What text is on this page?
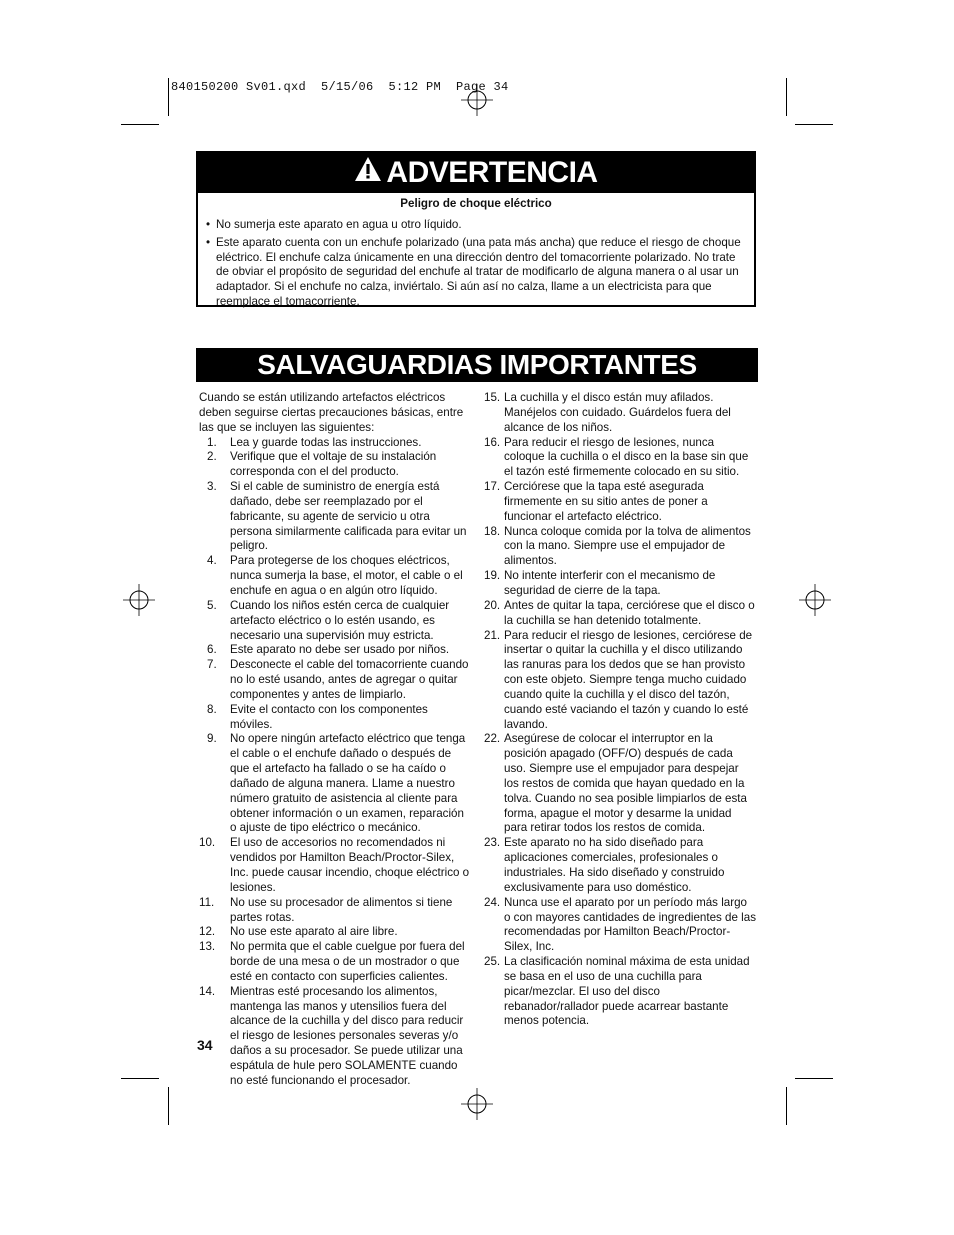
840150200 Sv01.qxd  5/15/06  5:12 PM  Page 34
ADVERTENCIA
Peligro de choque eléctrico
• No sumerja este aparato en agua u otro líquido.
• Este aparato cuenta con un enchufe polarizado (una pata más ancha) que reduce el riesgo de choque eléctrico. El enchufe calza únicamente en una dirección dentro del tomacorriente polarizado. No trate de obviar el propósito de seguridad del enchufe al tratar de modificarlo de alguna manera o al usar un adaptador. Si el enchufe no calza, inviértalo. Si aún así no calza, llame a un electricista para que reemplace el tomacorriente.
SALVAGUARDIAS IMPORTANTES
Cuando se están utilizando artefactos eléctricos deben seguirse ciertas precauciones básicas, entre las que se incluyen las siguientes:
1.	Lea y guarde todas las instrucciones.
2.	Verifique que el voltaje de su instalación corresponda con el del producto.
3.	Si el cable de suministro de energía está dañado, debe ser reemplazado por el fabricante, su agente de servicio u otra persona similarmente calificada para evitar un peligro.
4.	Para protegerse de los choques eléctricos, nunca sumerja la base, el motor, el cable o el enchufe en agua o en algún otro líquido.
5.	Cuando los niños estén cerca de cualquier artefacto eléctrico o lo estén usando, es necesario una supervisión muy estricta.
6.	Este aparato no debe ser usado por niños.
7.	Desconecte el cable del tomacorriente cuando no lo esté usando, antes de agregar o quitar componentes y antes de limpiarlo.
8.	Evite el contacto con los componentes móviles.
9.	No opere ningún artefacto eléctrico que tenga el cable o el enchufe dañado o después de que el artefacto ha fallado o se ha caído o dañado de alguna manera. Llame a nuestro número gratuito de asistencia al cliente para obtener información o un examen, reparación o ajuste de tipo eléctrico o mecánico.
10.	El uso de accesorios no recomendados ni vendidos por Hamilton Beach/Proctor-Silex, Inc. puede causar incendio, choque eléctrico o lesiones.
11.	No use su procesador de alimentos si tiene partes rotas.
12.	No use este aparato al aire libre.
13.	No permita que el cable cuelgue por fuera del borde de una mesa o de un mostrador o que esté en contacto con superficies calientes.
14.	Mientras esté procesando los alimentos, mantenga las manos y utensilios fuera del alcance de la cuchilla y del disco para reducir el riesgo de lesiones personales severas y/o daños a su procesador. Se puede utilizar una espátula de hule pero SOLAMENTE cuando no esté funcionando el procesador.
15. La cuchilla y el disco están muy afilados. Manéjelos con cuidado. Guárdelos fuera del alcance de los niños.
16. Para reducir el riesgo de lesiones, nunca coloque la cuchilla o el disco en la base sin que el tazón esté firmemente colocado en su sitio.
17. Cerciórese que la tapa esté asegurada firmemente en su sitio antes de poner a funcionar el artefacto eléctrico.
18. Nunca coloque comida por la tolva de alimentos con la mano. Siempre use el empujador de alimentos.
19. No intente interferir con el mecanismo de seguridad de cierre de la tapa.
20. Antes de quitar la tapa, cerciórese que el disco o la cuchilla se han detenido totalmente.
21. Para reducir el riesgo de lesiones, cerciórese de insertar o quitar la cuchilla y el disco utilizando las ranuras para los dedos que se han provisto con este objeto. Siempre tenga mucho cuidado cuando quite la cuchilla y el disco del tazón, cuando esté vaciando el tazón y cuando lo esté lavando.
22. Asegúrese de colocar el interruptor en la posición apagado (OFF/O) después de cada uso. Siempre use el empujador para despejar los restos de comida que hayan quedado en la tolva. Cuando no sea posible limpiarlos de esta forma, apague el motor y desarme la unidad para retirar todos los restos de comida.
23. Este aparato no ha sido diseñado para aplicaciones comerciales, profesionales o industriales. Ha sido diseñado y construido exclusivamente para uso doméstico.
24. Nunca use el aparato por un período más largo o con mayores cantidades de ingredientes de las recomendadas por Hamilton Beach/Proctor-Silex, Inc.
25. La clasificación nominal máxima de esta unidad se basa en el uso de una cuchilla para picar/mezclar. El uso del disco rebanador/rallador puede acarrear bastante menos potencia.
34
